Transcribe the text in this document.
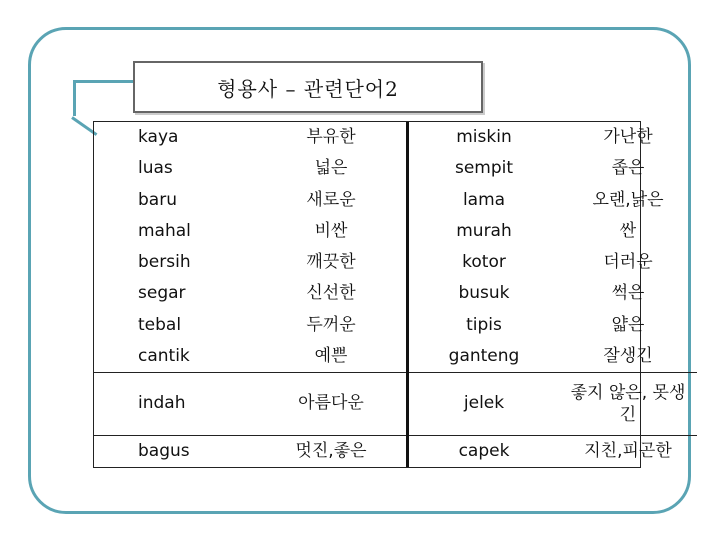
형용사 – 관련단어2
kaya	부유한	miskin	가난한
luas	넓은	sempit	좁은
baru	새로운	lama	오랜,낡은
mahal	비싼	murah	싼
bersih	깨끗한	kotor	더러운
segar	신선한	busuk	썩은
tebal	두꺼운	tipis	얇은
cantik	예쁜	ganteng	잘생긴
indah	아름다운	jelek	좋지 않은, 못생긴
bagus	멋진,좋은	capek	지친,피곤한
